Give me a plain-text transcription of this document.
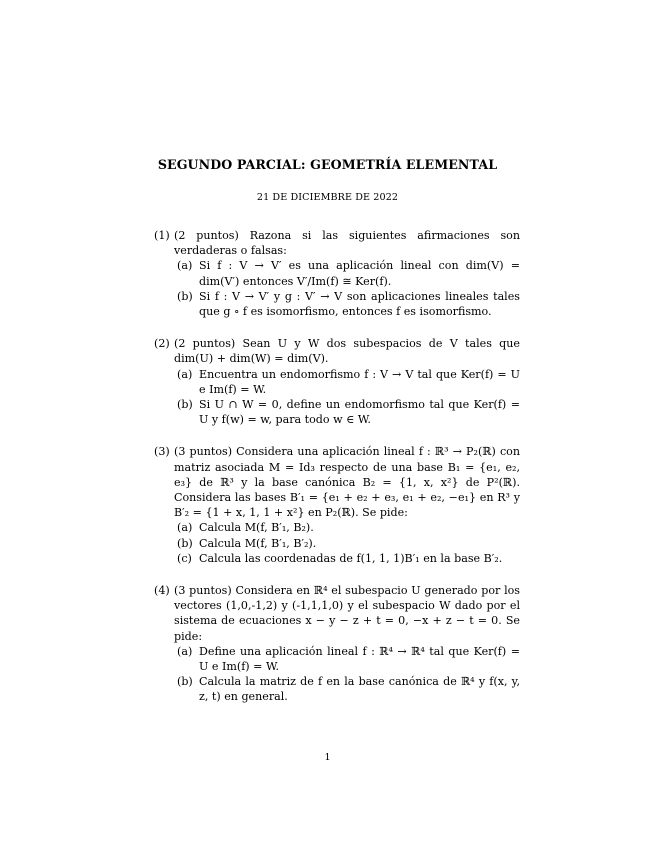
SEGUNDO PARCIAL: GEOMETRÍA ELEMENTAL
21 DE DICIEMBRE DE 2022
(1) (2 puntos) Razona si las siguientes afirmaciones son verdaderas o falsas:
(a) Si f : V → V′ es una aplicación lineal con dim(V) = dim(V′) entonces V′/Im(f) ≅ Ker(f).
(b) Si f : V → V′ y g : V′ → V son aplicaciones lineales tales que g ∘ f es isomorfismo, entonces f es isomorfismo.
(2) (2 puntos) Sean U y W dos subespacios de V tales que dim(U) + dim(W) = dim(V).
(a) Encuentra un endomorfismo f : V → V tal que Ker(f) = U e Im(f) = W.
(b) Si U ∩ W = 0, define un endomorfismo tal que Ker(f) = U y f(w) = w, para todo w ∈ W.
(3) (3 puntos) Considera una aplicación lineal f : ℝ³ → P₂(ℝ) con matriz asociada M = Id₃ respecto de una base B₁ = {e₁, e₂, e₃} de ℝ³ y la base canónica B₂ = {1, x, x²} de P²(ℝ). Considera las bases B′₁ = {e₁ + e₂ + e₃, e₁ + e₂, −e₁} en R³ y B′₂ = {1 + x, 1, 1 + x²} en P₂(ℝ). Se pide:
(a) Calcula M(f, B′₁, B₂).
(b) Calcula M(f, B′₁, B′₂).
(c) Calcula las coordenadas de f(1, 1, 1)B′₁ en la base B′₂.
(4) (3 puntos) Considera en ℝ⁴ el subespacio U generado por los vectores (1,0,-1,2) y (-1,1,1,0) y el subespacio W dado por el sistema de ecuaciones x − y − z + t = 0, −x + z − t = 0. Se pide:
(a) Define una aplicación lineal f : ℝ⁴ → ℝ⁴ tal que Ker(f) = U e Im(f) = W.
(b) Calcula la matriz de f en la base canónica de ℝ⁴ y f(x, y, z, t) en general.
1
